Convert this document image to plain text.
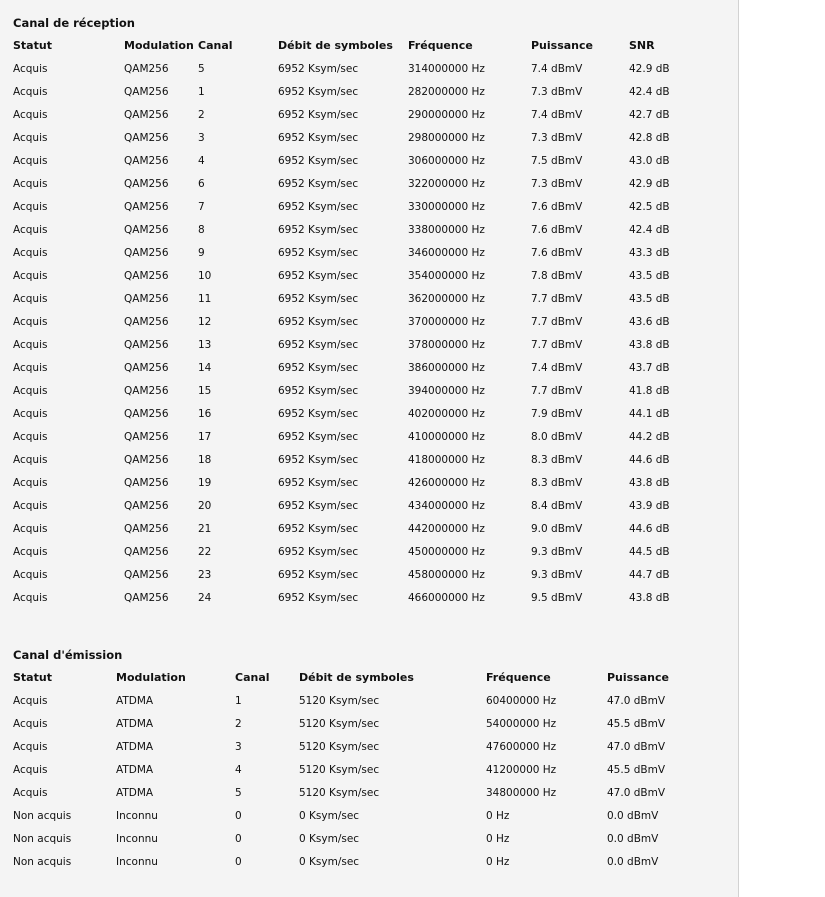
Canal de réception
Statut	Modulation	Canal	Débit de symboles	Fréquence	Puissance	SNR
Acquis	QAM256	5	6952 Ksym/sec	314000000 Hz	7.4 dBmV	42.9 dB
Acquis	QAM256	1	6952 Ksym/sec	282000000 Hz	7.3 dBmV	42.4 dB
Acquis	QAM256	2	6952 Ksym/sec	290000000 Hz	7.4 dBmV	42.7 dB
Acquis	QAM256	3	6952 Ksym/sec	298000000 Hz	7.3 dBmV	42.8 dB
Acquis	QAM256	4	6952 Ksym/sec	306000000 Hz	7.5 dBmV	43.0 dB
Acquis	QAM256	6	6952 Ksym/sec	322000000 Hz	7.3 dBmV	42.9 dB
Acquis	QAM256	7	6952 Ksym/sec	330000000 Hz	7.6 dBmV	42.5 dB
Acquis	QAM256	8	6952 Ksym/sec	338000000 Hz	7.6 dBmV	42.4 dB
Acquis	QAM256	9	6952 Ksym/sec	346000000 Hz	7.6 dBmV	43.3 dB
Acquis	QAM256	10	6952 Ksym/sec	354000000 Hz	7.8 dBmV	43.5 dB
Acquis	QAM256	11	6952 Ksym/sec	362000000 Hz	7.7 dBmV	43.5 dB
Acquis	QAM256	12	6952 Ksym/sec	370000000 Hz	7.7 dBmV	43.6 dB
Acquis	QAM256	13	6952 Ksym/sec	378000000 Hz	7.7 dBmV	43.8 dB
Acquis	QAM256	14	6952 Ksym/sec	386000000 Hz	7.4 dBmV	43.7 dB
Acquis	QAM256	15	6952 Ksym/sec	394000000 Hz	7.7 dBmV	41.8 dB
Acquis	QAM256	16	6952 Ksym/sec	402000000 Hz	7.9 dBmV	44.1 dB
Acquis	QAM256	17	6952 Ksym/sec	410000000 Hz	8.0 dBmV	44.2 dB
Acquis	QAM256	18	6952 Ksym/sec	418000000 Hz	8.3 dBmV	44.6 dB
Acquis	QAM256	19	6952 Ksym/sec	426000000 Hz	8.3 dBmV	43.8 dB
Acquis	QAM256	20	6952 Ksym/sec	434000000 Hz	8.4 dBmV	43.9 dB
Acquis	QAM256	21	6952 Ksym/sec	442000000 Hz	9.0 dBmV	44.6 dB
Acquis	QAM256	22	6952 Ksym/sec	450000000 Hz	9.3 dBmV	44.5 dB
Acquis	QAM256	23	6952 Ksym/sec	458000000 Hz	9.3 dBmV	44.7 dB
Acquis	QAM256	24	6952 Ksym/sec	466000000 Hz	9.5 dBmV	43.8 dB
Canal d'émission
Statut	Modulation	Canal	Débit de symboles	Fréquence	Puissance
Acquis	ATDMA	1	5120 Ksym/sec	60400000 Hz	47.0 dBmV
Acquis	ATDMA	2	5120 Ksym/sec	54000000 Hz	45.5 dBmV
Acquis	ATDMA	3	5120 Ksym/sec	47600000 Hz	47.0 dBmV
Acquis	ATDMA	4	5120 Ksym/sec	41200000 Hz	45.5 dBmV
Acquis	ATDMA	5	5120 Ksym/sec	34800000 Hz	47.0 dBmV
Non acquis	Inconnu	0	0 Ksym/sec	0 Hz	0.0 dBmV
Non acquis	Inconnu	0	0 Ksym/sec	0 Hz	0.0 dBmV
Non acquis	Inconnu	0	0 Ksym/sec	0 Hz	0.0 dBmV
